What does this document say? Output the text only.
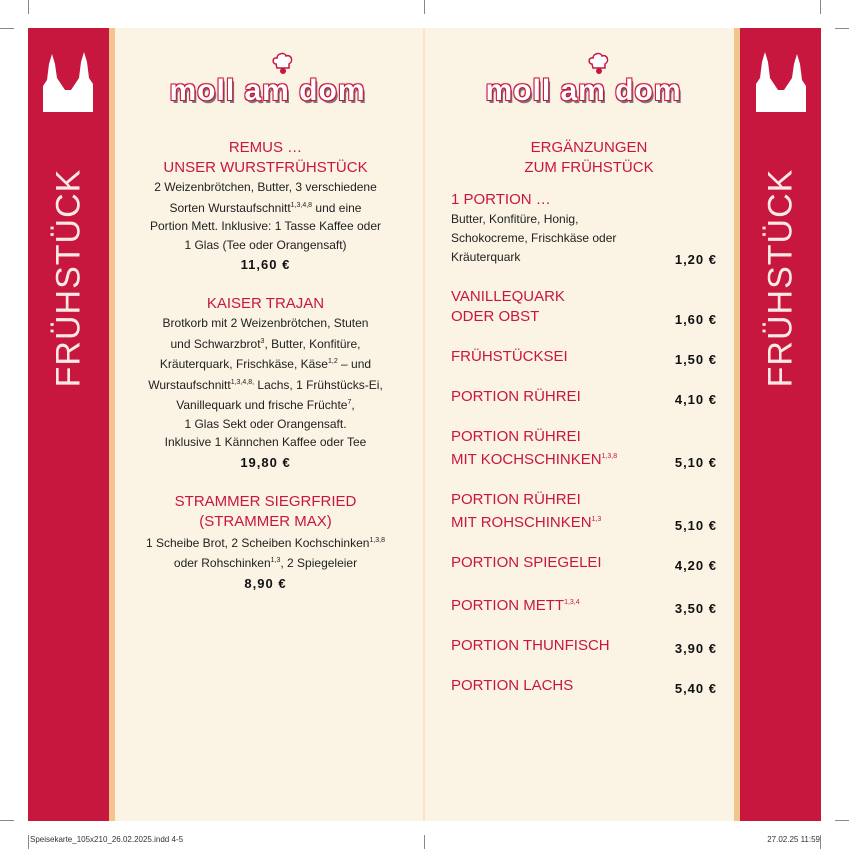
FRÜHSTÜCK	FRÜHSTÜCK
moll am dom	moll am dom
REMUS …
UNSER WURSTFRÜHSTÜCK
2 Weizenbrötchen, Butter, 3 verschiedene
Sorten Wurstaufschnitt$^{1,3,4,8}$ und eine
Portion Mett. Inklusive: 1 Tasse Kaffee oder
1 Glas (Tee oder Orangensaft)
11,60 €
KAISER TRAJAN
Brotkorb mit 2 Weizenbrötchen, Stuten
und Schwarzbrot$^3$, Butter, Konfitüre,
Kräuterquark, Frischkäse, Käse$^{1,2}$ – und
Wurstaufschnitt$^{1,3,4,8,}$ Lachs, 1 Frühstücks-Ei,
Vanillequark und frische Früchte$^7$,
1 Glas Sekt oder Orangensaft.
Inklusive 1 Kännchen Kaffee oder Tee
19,80 €
STRAMMER SIEGRFRIED
(STRAMMER MAX)
1 Scheibe Brot, 2 Scheiben Kochschinken$^{1,3,8}$
oder Rohschinken$^{1,3}$, 2 Spiegeleier
8,90 €
ERGÄNZUNGEN
ZUM FRÜHSTÜCK
1 PORTION …
Butter, Konfitüre, Honig,
Schokocreme, Frischkäse oder
Kräuterquark	1,20 €
VANILLEQUARK
ODER OBST	1,60 €
FRÜHSTÜCKSEI	1,50 €
PORTION RÜHREI	4,10 €
PORTION RÜHREI
MIT KOCHSCHINKEN$^{1,3,8}$	5,10 €
PORTION RÜHREI
MIT ROHSCHINKEN$^{1,3}$	5,10 €
PORTION SPIEGELEI	4,20 €
PORTION METT$^{1,3,4}$	3,50 €
PORTION THUNFISCH	3,90 €
PORTION LACHS	5,40 €
Speisekarte_105x210_26.02.2025.indd 4-5	27.02.25 11:59
